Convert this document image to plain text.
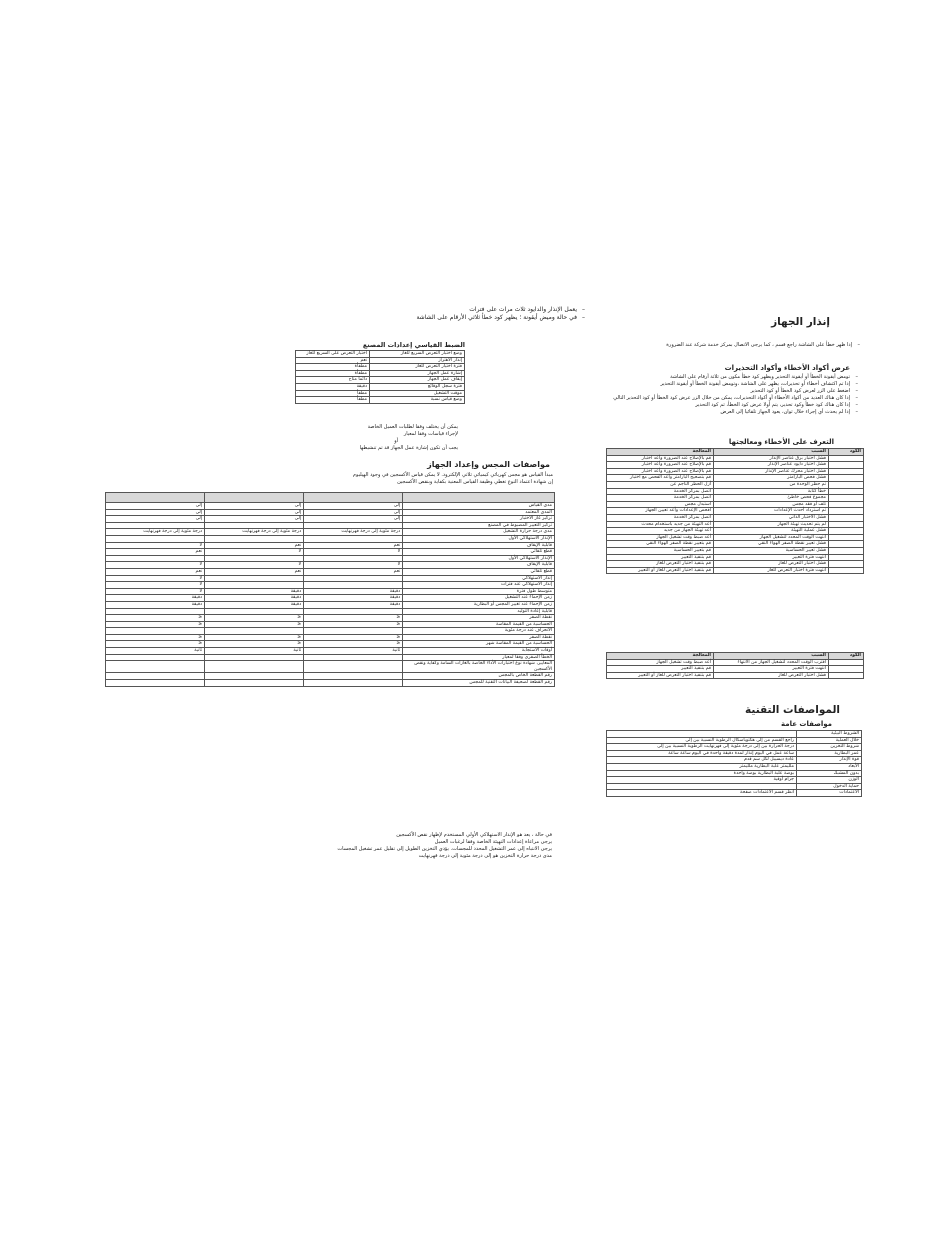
– يعمل الإنذار والدايود ثلاث مرات على فترات
– في حالة وميض أيقونة ؛ يظهر كود خطأ ثلاثي الأرقام على الشاشة	إنذار الجهاز
– إذا ظهر خطأ على الشاشة راجع قسم ، كما يرجى الاتصال بمركز خدمة شركة عند الضرورة
عرض أكواد الأخطاء وأكواد التحذيرات
– تومض أيقونة الخطأ أو أيقونة التحذير ويظهر كود خطأ مكون من ثلاثة أرقام على الشاشة
– إذا تم اكتشاف أخطاء أو تحذيرات، يظهر على الشاشة ،وتومض أيقونة الخطأ أو أيقونة التحذير
– اضغط على الزر لعرض كود الخطأ أو كود التحذير
– إذا كان هناك العديد من أكواد الأخطاء أو أكواد التحذيرات، يمكن من خلال الزر عرض كود الخطأ أو كود التحذير التالي
– إذا كان هناك كود خطأ وكود تحذير، يتم أولا عرض كود الخطأ، ثم كود التحذير
– إذا لم يحدث أي إجراء خلال ثوان، يعود الجهاز تلقائيا إلى العرض
التعرف على الأخطاء ومعالجتها
الكود	السبب	المعالجة
	فشل اختبار برق عناصر الإنذار	قم بالإصلاح عند الضرورة وأعد اختبار
	فشل اختبار دايود عناصر الإنذار	قم بالإصلاح عند الضرورة وأعد اختبار
	فشل اختبار محرك عناصر الإنذار	قم بالإصلاح عند الضرورة وأعد اختبار
	فشل فحص البارامتر	قم بتصحيح البارامتر وأعد الفحص مع اختبار
	تم حظر الوحدة من	أزل الحظر الناجم عن
	خطأ كتابة	اتصل بمركز الخدمة
	مجموع فحص خاطئ	اتصل بمركز الخدمة
	تلف أو فقد مجس	استبدل مجس
	تم استرداد أحدث الإعدادات	افحص الإعدادات وأعد تعيين الجهاز
	فشل الاختبار الذاتي	اتصل بمركز الخدمة
	لم يتم تحديث تهيئة الجهاز	أعد التهيئة من جديد باستخدام محدث
	فشل عملية التهيئة	أعد تهيئة الجهاز من جديد
	انتهت الوقت المحدد لتشغيل الجهاز	أعد ضبط وقت تشغيل الجهاز
	فشل تعيير نقطة الصفر الهواء النقي	قم بتعيير نقطة الصفر الهواء النقي
	فشل تعيير الحساسية	قم بتعيير الحساسية
	انتهت فترة التعيير	قم بتنفيذ التعيير
	فشل اختبار التعرض للغاز	قم بتنفيذ اختبار التعرض للغاز
	انتهت فترة اختبار التعرض للغاز	قم بتنفيذ اختبار التعرض للغاز أو التعيير
الكود	السبب	المعالجة
	اقترب الوقت المحدد لتشغيل الجهاز من الانتهاء	أعد ضبط وقت تشغيل الجهاز
	انتهت فترة التعيير	قم بتنفيذ التعيير
	فشل اختبار التعرض للغاز	قم بتنفيذ اختبار التعرض للغاز أو التعيير
المواصفات التقنية
مواصفات عامة
الشروط البيئية	
خلال العملية	راجع القسم من إلى هكتوباسكال الرطوبة النسبية بين إلى
شروط التخزين	درجة الحرارة بين إلى درجة مئوية إلى فهرنهايت الرطوبة النسبية بين إلى
عمر البطارية	ساعة عمل في اليوم إنذار لمدة دقيقة واحدة في اليوم ساعة ساعة
قوة الإنذار	عادة ديسيبل لكل سم قدم
الأبعاد	ملليمتر علبة البطارية ملليمتر
بدون المشبك	بوصة علبة البطارية بوصة واحدة
الوزن	جرام أوقية
حماية الدخول	
الاعتمادات	انظر قسم الاعتمادات صفحة
الضبط القياسي إعدادات المصنع
وضع اختبار التعرض السريع للغاز	اختبار التعرض على السريع للغاز
إنذار الاهتزاز	نعم
فترة اختيار التعرض للغاز	مطفأة
إشارة عمل الجهاز	مطفأة
إيقاف عمل الجهاز	دائما متاح
فترة سجل الوقائع	دقيقة
موقت التشغيل	مطفأ
وضع قياس نسبة	مطفأ
يمكن أن يختلف وفقا لطلبات العميل الخاصة
لإجراء قياسات وفقا لمعيار
أو
يجب أن تكون إشارة عمل الجهاز قد تم تنشيطها
مواصفات المجس وإعداد الجهاز
مبدأ القياس هو مجس كهربائي كيميائي ثلاثي الإلكترود. لا يمكن قياس الأكسجين في وجود الهيليوم
إن شهادة اعتماد النوع تغطي وظيفة القياس المعنية بكفاية وبنقص الأكسجين

مدى القياس	إلى	إلى	إلى
المدى المعتمد	إلى	إلى	إلى
تركيز غاز الاختبار	إلى	إلى	إلى
تركيز التعيير المضبوط في المصنع			
مدى درجة حرارة التشغيل	درجة مئوية إلى درجة فهرنهايت	درجة مئوية إلى درجة فهرنهايت	درجة مئوية إلى درجة فهرنهايت
الإنذار الاستهلاكي الأول			
قابلية الإيقاف	نعم	نعم	لا
قطع تلقائي	لا	لا	نعم
الإنذار الاستهلاكي الأول			
قابلية الإيقاف	لا	لا	لا
قطع تلقائي	نعم	نعم	نعم
إنذار الاستهلاكي			لا
إنذار الاستهلاكي عند فترات			لا
متوسط طول فترة	دقيقة	دقيقة	لا
زمن الإحماء عند التشغيل	دقيقة	دقيقة	دقيقة
زمن الإحماء عند تغيير المجس أو البطارية	دقيقة	دقيقة	دقيقة
قابلية إعادة التوليد			
نقطة الصفر	≤	≤	≤
الحساسية من القيمة المقاسة	≤	≤	≤
الانحراف عند درجة مئوية			
نقطة الصفر	≤	≤	≤
الحساسية من القيمة المقاسة شهر	≤	≤	≤
أوقات الاستجابة	ثانية	ثانية	ثانية
الخطأ الصفري وفقا لمعيار			
المعايير، شهادة نوع اختبارات الأداء الخاصة بالغازات السامة وكفاية ونقص الأكسجين			
رقم القطعة الخاص بالمجس			
رقم القطعة لصحيفة البيانات التقنية للمجس			
في حالة ، يعد هو الإنذار الاستهلاكي الأولي المستخدم لإظهار نقص الأكسجين
يرجى مراعاة إعدادات التهيئة الخاصة وفقا لرغبات العميل
يرجى الانتباه إلى عمر التشغيل المحدد للمجسات. يؤدي التخزين الطويل إلى تقليل عمر تشغيل المجسات
مدى درجة حرارة التخزين هو إلى درجة مئوية إلى درجة فهرنهايت
